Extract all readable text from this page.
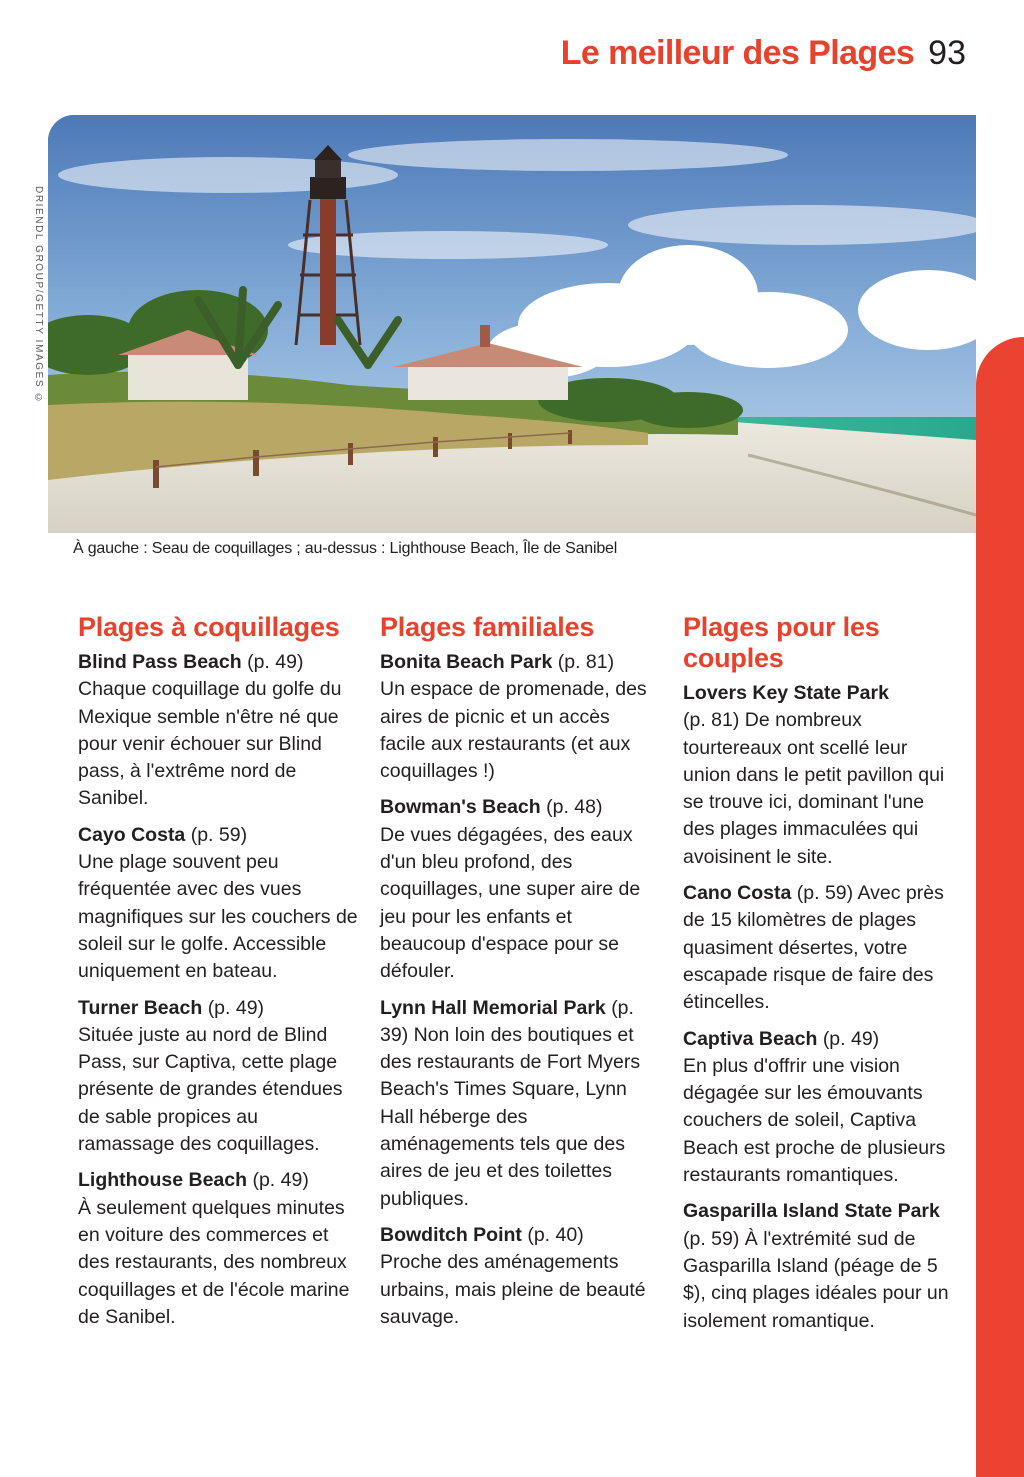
Le meilleur des Plages 93
DRIENDL GROUP/GETTY IMAGES ©
À gauche : Seau de coquillages ; au-dessus : Lighthouse Beach, Île de Sanibel
Plages à coquillages
Blind Pass Beach (p. 49)
Chaque coquillage du golfe du Mexique semble n'être né que pour venir échouer sur Blind pass, à l'extrême nord de Sanibel.
Cayo Costa (p. 59)
Une plage souvent peu fréquentée avec des vues magnifiques sur les couchers de soleil sur le golfe. Accessible uniquement en bateau.
Turner Beach (p. 49)
Située juste au nord de Blind Pass, sur Captiva, cette plage présente de grandes étendues de sable propices au ramassage des coquillages.
Lighthouse Beach (p. 49)
À seulement quelques minutes en voiture des commerces et des restaurants, des nombreux coquillages et de l'école marine de Sanibel.
Plages familiales
Bonita Beach Park (p. 81)
Un espace de promenade, des aires de picnic et un accès facile aux restaurants (et aux coquillages !)
Bowman's Beach (p. 48)
De vues dégagées, des eaux d'un bleu profond, des coquillages, une super aire de jeu pour les enfants et beaucoup d'espace pour se défouler.
Lynn Hall Memorial Park (p. 39) Non loin des boutiques et des restaurants de Fort Myers Beach's Times Square, Lynn Hall héberge des aménagements tels que des aires de jeu et des toilettes publiques.
Bowditch Point (p. 40)
Proche des aménagements urbains, mais pleine de beauté sauvage.
Plages pour les couples
Lovers Key State Park
(p. 81) De nombreux tourtereaux ont scellé leur union dans le petit pavillon qui se trouve ici, dominant l'une des plages immaculées qui avoisinent le site.
Cano Costa (p. 59) Avec près de 15 kilomètres de plages quasiment désertes, votre escapade risque de faire des étincelles.
Captiva Beach (p. 49)
En plus d'offrir une vision dégagée sur les émouvants couchers de soleil, Captiva Beach est proche de plusieurs restaurants romantiques.
Gasparilla Island State Park (p. 59) À l'extrémité sud de Gasparilla Island (péage de 5 $), cinq plages idéales pour un isolement romantique.
